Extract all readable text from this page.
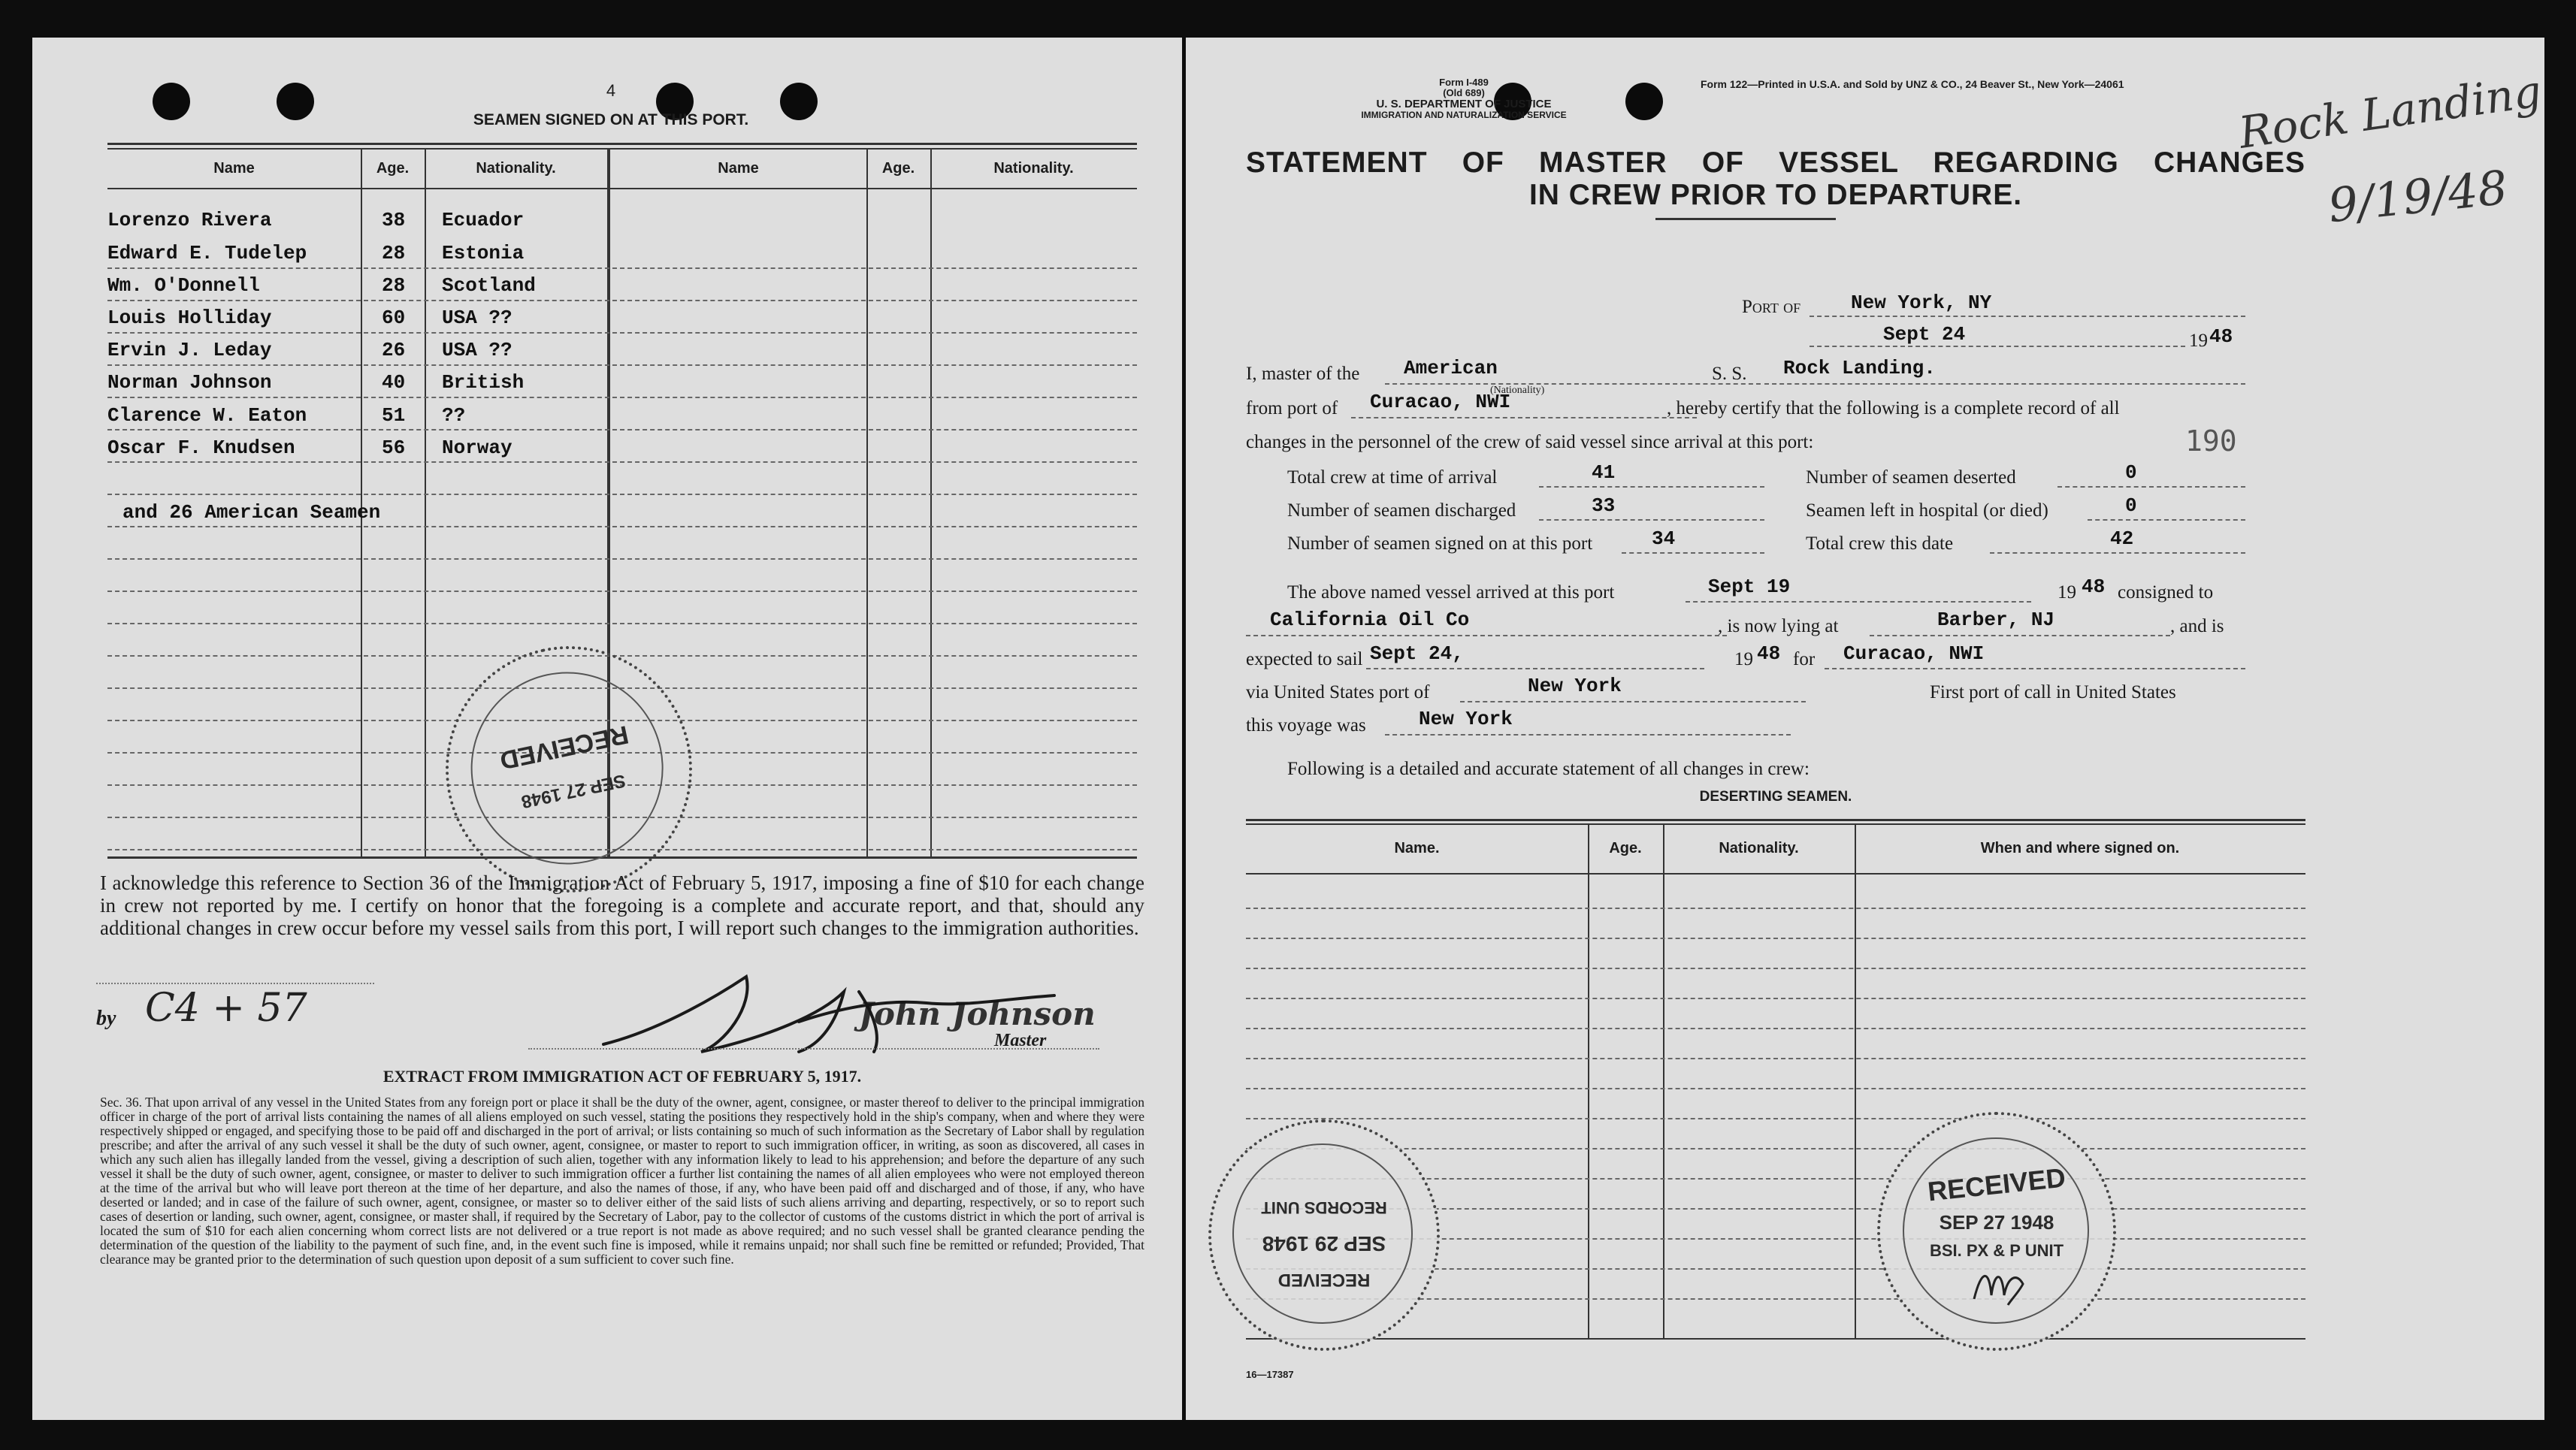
4
SEAMEN SIGNED ON AT THIS PORT.
Name	Age.	Nationality.	Name	Age.	Nationality.
Lorenzo Rivera	38 Ecuador
Edward E. Tudelep	28 Estonia
Wm. O'Donnell	28 Scotland
Louis Holliday	60 USA ??
Ervin J. Leday	26 USA ??
Norman Johnson	40 British
Clarence W. Eaton	51 ??
Oscar F. Knudsen	56 Norway
and 26 American Seamen
RECEIVED
SEP 27 1948
I acknowledge this reference to Section 36 of the Immigration Act of February 5, 1917, imposing a fine of $10 for each change in crew not reported by me. I certify on honor that the foregoing is a complete and accurate report, and that, should any additional changes in crew occur before my vessel sails from this port, I will report such changes to the immigration authorities.
by C4 + 57	John Johnson
Master
EXTRACT FROM IMMIGRATION ACT OF FEBRUARY 5, 1917.
Sec. 36. That upon arrival of any vessel in the United States from any foreign port or place it shall be the duty of the owner, agent, consignee, or master thereof to deliver to the principal immigration officer in charge of the port of arrival lists containing the names of all aliens employed on such vessel, stating the positions they respectively hold in the ship's company, when and where they were respectively shipped or engaged, and specifying those to be paid off and discharged in the port of arrival; or lists containing so much of such information as the Secretary of Labor shall by regulation prescribe; and after the arrival of any such vessel it shall be the duty of such owner, agent, consignee, or master to report to such immigration officer, in writing, as soon as discovered, all cases in which any such alien has illegally landed from the vessel, giving a description of such alien, together with any information likely to lead to his apprehension; and before the departure of any such vessel it shall be the duty of such owner, agent, consignee, or master to deliver to such immigration officer a further list containing the names of all alien employees who were not employed thereon at the time of the arrival but who will leave port thereon at the time of her departure, and also the names of those, if any, who have been paid off and discharged and of those, if any, who have deserted or landed; and in case of the failure of such owner, agent, consignee, or master so to deliver either of the said lists of such aliens arriving and departing, respectively, or so to report such cases of desertion or landing, such owner, agent, consignee, or master shall, if required by the Secretary of Labor, pay to the collector of customs of the customs district in which the port of arrival is located the sum of $10 for each alien concerning whom correct lists are not delivered or a true report is not made as above required; and no such vessel shall be granted clearance pending the determination of the question of the liability to the payment of such fine, and, in the event such fine is imposed, while it remains unpaid; nor shall such fine be remitted or refunded; Provided, That clearance may be granted prior to the determination of such question upon deposit of a sum sufficient to cover such fine.
Form I-489
(Old 689)
U. S. DEPARTMENT OF JUSTICE
IMMIGRATION AND NATURALIZATION SERVICE
Form 122—Printed in U.S.A. and Sold by UNZ & CO., 24 Beaver St., New York—24061	Rock Landing
9/19/48
STATEMENT OF MASTER OF VESSEL REGARDING CHANGES
IN CREW PRIOR TO DEPARTURE.
Port of	New York, NY
Sept 24	19 48
I, master of the American
(Nationality)
S. S. Rock Landing.
from port of Curacao, NWI	, hereby certify that the following is a complete record of all
changes in the personnel of the crew of said vessel since arrival at this port:	190
Total crew at time of arrival	41	Number of seamen deserted	0
Number of seamen discharged	33	Seamen left in hospital (or died)	0
Number of seamen signed on at this port	34	Total crew this date	42
The above named vessel arrived at this port	Sept 19	19 48 consigned to
California Oil Co	, is now lying at	Barber, NJ	, and is
expected to sail Sept 24,	19 48 for Curacao, NWI
via United States port of	New York	First port of call in United States
this voyage was	New York
Following is a detailed and accurate statement of all changes in crew:
DESERTING SEAMEN.
Name.	Age.	Nationality.	When and where signed on.
RECORDS UNIT
SEP 29 1948
RECEIVED
RECEIVED
SEP 27 1948
BSI. PX & P UNIT
16—17387
